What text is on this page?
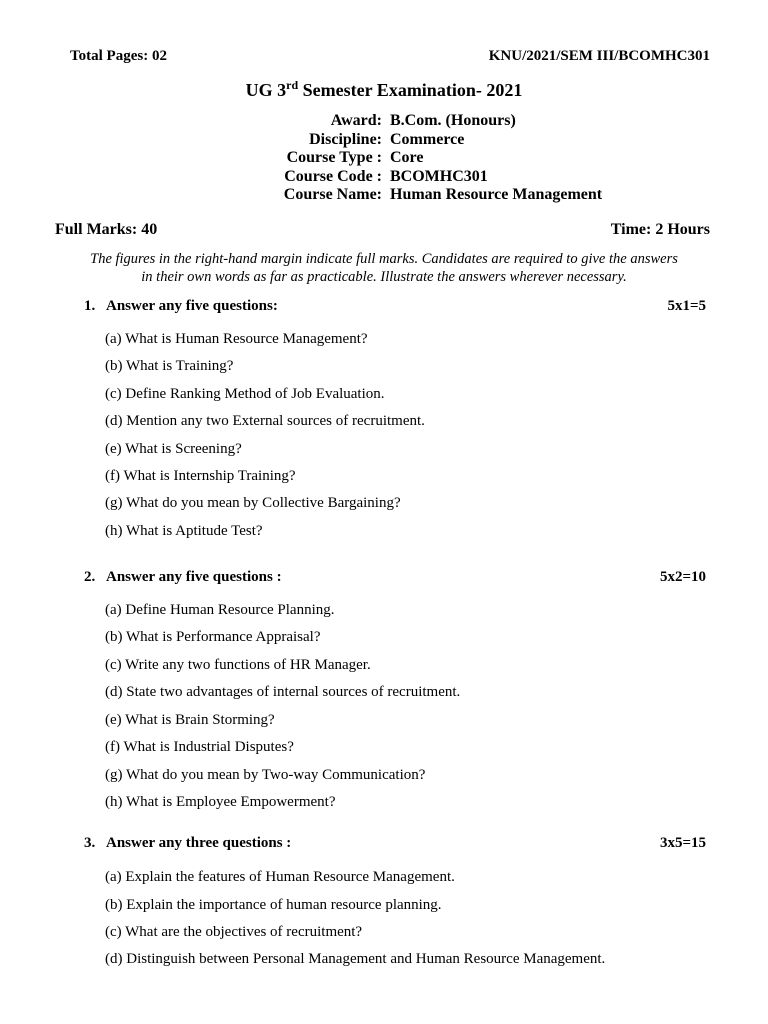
Total Pages: 02	KNU/2021/SEM III/BCOMHC301
UG 3rd Semester Examination- 2021
Award: B.Com. (Honours)
Discipline: Commerce
Course Type : Core
Course Code : BCOMHC301
Course Name: Human Resource Management
Full Marks: 40	Time: 2 Hours
The figures in the right-hand margin indicate full marks. Candidates are required to give the answers
in their own words as far as practicable. Illustrate the answers wherever necessary.
1. Answer any five questions:	5x1=5
(a) What is Human Resource Management?
(b) What is Training?
(c) Define Ranking Method of Job Evaluation.
(d) Mention any two External sources of recruitment.
(e) What is Screening?
(f) What is Internship Training?
(g) What do you mean by Collective Bargaining?
(h) What is Aptitude Test?
2. Answer any five questions :	5x2=10
(a) Define Human Resource Planning.
(b) What is Performance Appraisal?
(c) Write any two functions of HR Manager.
(d) State two advantages of internal sources of recruitment.
(e) What is Brain Storming?
(f) What is Industrial Disputes?
(g) What do you mean by Two-way Communication?
(h) What is Employee Empowerment?
3. Answer any three questions :	3x5=15
(a) Explain the features of Human Resource Management.
(b) Explain the importance of human resource planning.
(c) What are the objectives of recruitment?
(d) Distinguish between Personal Management and Human Resource Management.
